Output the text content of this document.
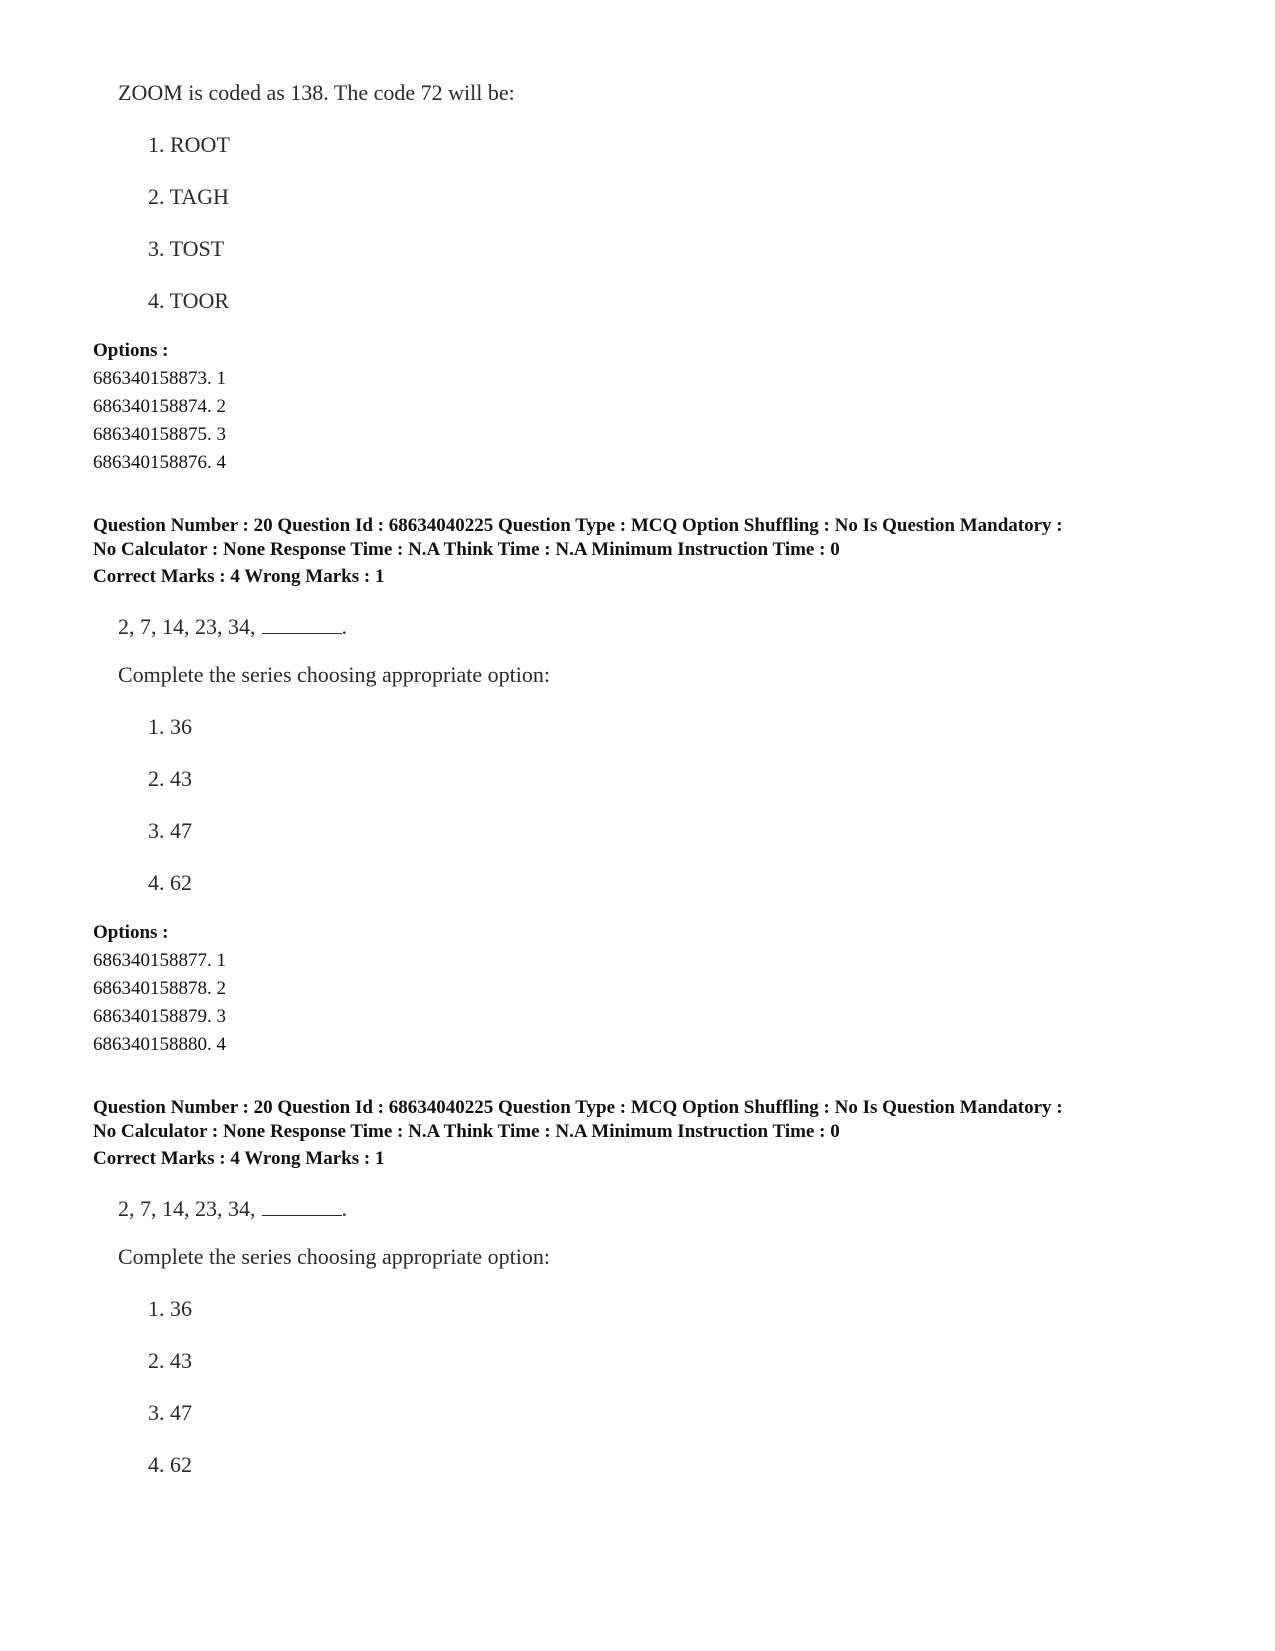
ZOOM is coded as 138. The code 72 will be:
1. ROOT
2. TAGH
3. TOST
4. TOOR
Options :
686340158873. 1
686340158874. 2
686340158875. 3
686340158876. 4
Question Number : 20 Question Id : 68634040225 Question Type : MCQ Option Shuffling : No Is Question Mandatory :
No Calculator : None Response Time : N.A Think Time : N.A Minimum Instruction Time : 0
Correct Marks : 4 Wrong Marks : 1
2, 7, 14, 23, 34,	.
Complete the series choosing appropriate option:
1. 36
2. 43
3. 47
4. 62
Options :
686340158877. 1
686340158878. 2
686340158879. 3
686340158880. 4
Question Number : 20 Question Id : 68634040225 Question Type : MCQ Option Shuffling : No Is Question Mandatory :
No Calculator : None Response Time : N.A Think Time : N.A Minimum Instruction Time : 0
Correct Marks : 4 Wrong Marks : 1
2, 7, 14, 23, 34,	.
Complete the series choosing appropriate option:
1. 36
2. 43
3. 47
4. 62
